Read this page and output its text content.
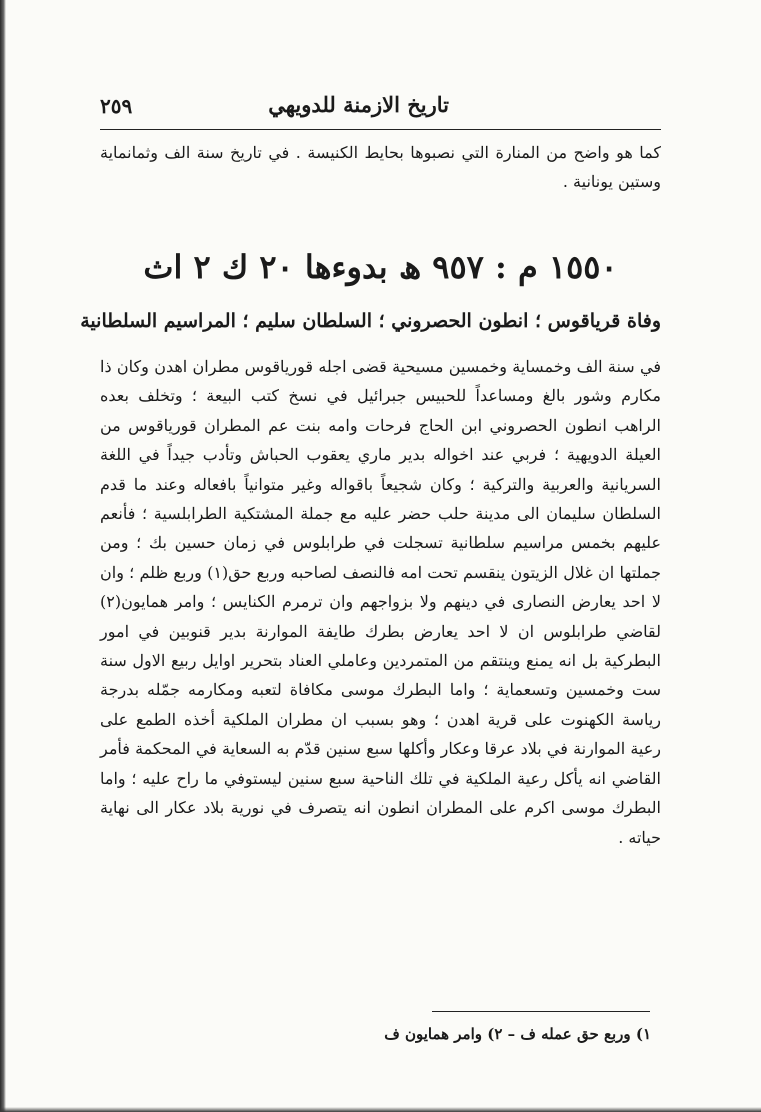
تاريخ الازمنة للدويهي
٢٥٩
كما هو واضح من المنارة التي نصبوها بحايط الكنيسة . في تاريخ سنة الف وثمانماية وستين يونانية .
١٥٥٠ م : ٩٥٧ ھ بدوءها ٢٠ ك ٢ اث
وفاة قرياقوس ؛ انطون الحصروني ؛ السلطان سليم ؛ المراسيم السلطانية

في سنة الف وخمساية وخمسين مسيحية قضى اجله قورياقوس مطران اهدن وكان ذا مكارم وشور بالغ ومساعداً للحبيس جبرائيل في نسخ كتب البيعة ؛ وتخلف بعده الراهب انطون الحصروني ابن الحاج فرحات وامه بنت عم المطران قورياقوس من العيلة الدويهية ؛ فربي عند اخواله بدير ماري يعقوب الحباش وتأدب جيداً في اللغة السريانية والعربية والتركية ؛ وكان شجيعاً باقواله وغير متوانياً بافعاله وعند ما قدم السلطان سليمان الى مدينة حلب حضر عليه مع جملة المشتكية الطرابلسية ؛ فأنعم عليهم بخمس مراسيم سلطانية تسجلت في طرابلوس في زمان حسين بك ؛ ومن جملتها ان غلال الزيتون ينقسم تحت امه فالنصف لصاحبه وربع حق(١) وربع ظلم ؛ وان لا احد يعارض النصارى في دينهم ولا بزواجهم وان ترمرم الكنايس ؛ وامر همايون(٢) لقاضي طرابلوس ان لا احد يعارض بطرك طايفة الموارنة بدير قنوبين في امور البطركية بل انه يمنع وينتقم من المتمردين وعاملي العناد بتحرير اوايل ربيع الاول سنة ست وخمسين وتسعماية ؛ واما البطرك موسى مكافاة لتعبه ومكارمه جمّله بدرجة رياسة الكهنوت على قرية اهدن ؛ وهو بسبب ان مطران الملكية أخذه الطمع على رعية الموارنة في بلاد عرقا وعكار وأكلها سبع سنين قدّم به السعاية في المحكمة فأمر القاضي انه يأكل رعية الملكية في تلك الناحية سبع سنين ليستوفي ما راح عليه ؛ واما البطرك موسى اكرم على المطران انطون انه يتصرف في نورية بلاد عكار الى نهاية حياته .

١) وربع حق عمله ف – ٢) وامر همايون ف
